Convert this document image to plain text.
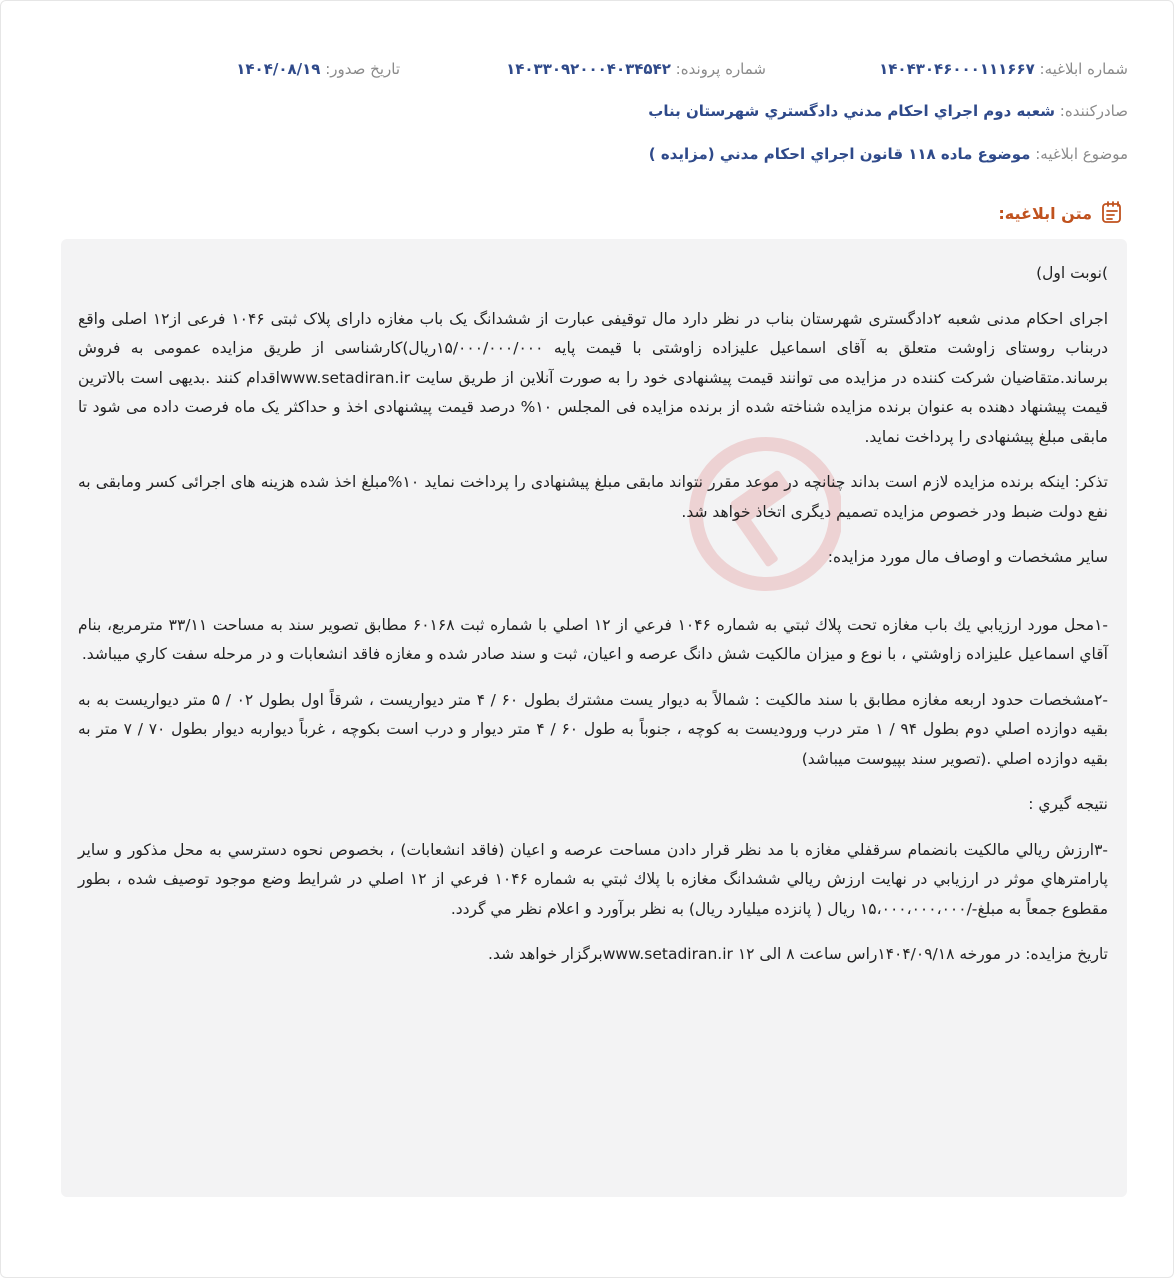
شماره ابلاغیه: ۱۴۰۴۳۰۴۶۰۰۰۱۱۱۶۶۷
شماره پرونده: ۱۴۰۳۳۰۹۲۰۰۰۴۰۳۴۵۴۲
تاریخ صدور: ۱۴۰۴/۰۸/۱۹
صادرکننده: شعبه دوم اجراي احكام مدني دادگستري شهرستان بناب
موضوع ابلاغیه: موضوع ماده ۱۱۸ قانون اجراي احكام مدني (مزايده )
متن ابلاغیه:

)نوبت اول)

اجرای احکام مدنی شعبه ۲دادگستری شهرستان بناب در نظر دارد مال توقیفی عبارت از ششدانگ یک باب مغازه دارای پلاک ثبتی ۱۰۴۶ فرعی از۱۲ اصلی واقع دربناب روستای زاوشت متعلق به آقای اسماعیل علیزاده زاوشتی با قیمت پایه ۱۵/۰۰۰/۰۰۰/۰۰۰ریال)کارشناسی از طریق مزایده عمومی به فروش برساند.متقاضیان شرکت کننده در مزایده می توانند قیمت پیشنهادی خود را به صورت آنلاین از طریق سایت www.setadiran.irاقدام کنند .بدیهی است بالاترین قیمت پیشنهاد دهنده به عنوان برنده مزایده شناخته شده از برنده مزایده فی المجلس ۱۰% درصد قیمت پیشنهادی اخذ و حداکثر یک ماه فرصت داده می شود تا مابقی مبلغ پیشنهادی را پرداخت نماید.

تذکر: اینکه برنده مزایده لازم است بداند چنانچه در موعد مقرر نتواند مابقی مبلغ پیشنهادی را پرداخت نماید ۱۰%مبلغ اخذ شده هزینه های اجرائی کسر ومابقی به نفع دولت ضبط ودر خصوص مزایده تصمیم دیگری اتخاذ خواهد شد.

سایر مشخصات و اوصاف مال مورد مزایده:

-۱محل مورد ارزيابي يك باب مغازه تحت پلاك ثبتي به شماره ۱۰۴۶ فرعي از ۱۲ اصلي با شماره ثبت ۶۰۱۶۸ مطابق تصوير سند به مساحت ۳۳/۱۱ مترمربع، بنام آقاي اسماعيل عليزاده زاوشتي ، با نوع و ميزان مالكيت شش دانگ عرصه و اعيان، ثبت و سند صادر شده و مغازه فاقد انشعابات و در مرحله سفت كاري ميباشد.

-۲مشخصات حدود اربعه مغازه مطابق با سند مالكيت : شمالاً به ديوار يست مشترك بطول ۶۰ / ۴ متر ديواريست ، شرقاً اول بطول ۰۲ / ۵ متر ديواريست به به بقيه دوازده اصلي دوم بطول ۹۴ / ۱ متر درب ورودیست به كوچه ، جنوباً به طول ۶۰ / ۴ متر ديوار و درب است بكوچه ، غرباً ديواربه ديوار بطول ۷۰ / ۷ متر به بقيه دوازده اصلي .(تصوير سند بپيوست ميباشد)

نتيجه گيري :

-۳ارزش ريالي مالكيت بانضمام سرقفلي مغازه با مد نظر قرار دادن مساحت عرصه و اعيان (فاقد انشعابات) ، بخصوص نحوه دسترسي به محل مذكور و ساير پارامترهاي موثر در ارزيابي در نهايت ارزش ريالي ششدانگ مغازه با پلاك ثبتي به شماره ۱۰۴۶ فرعي از ۱۲ اصلي در شرايط وضع موجود توصيف شده ، بطور مقطوع جمعاً به مبلغ-/۱۵،۰۰۰،۰۰۰،۰۰۰ ريال ( پانزده ميليارد ريال) به نظر برآورد و اعلام نظر مي گردد.

تاريخ مزايده: در مورخه ۱۴۰۴/۰۹/۱۸راس ساعت ۸ الی ۱۲ www.setadiran.irبرگزار خواهد شد.
